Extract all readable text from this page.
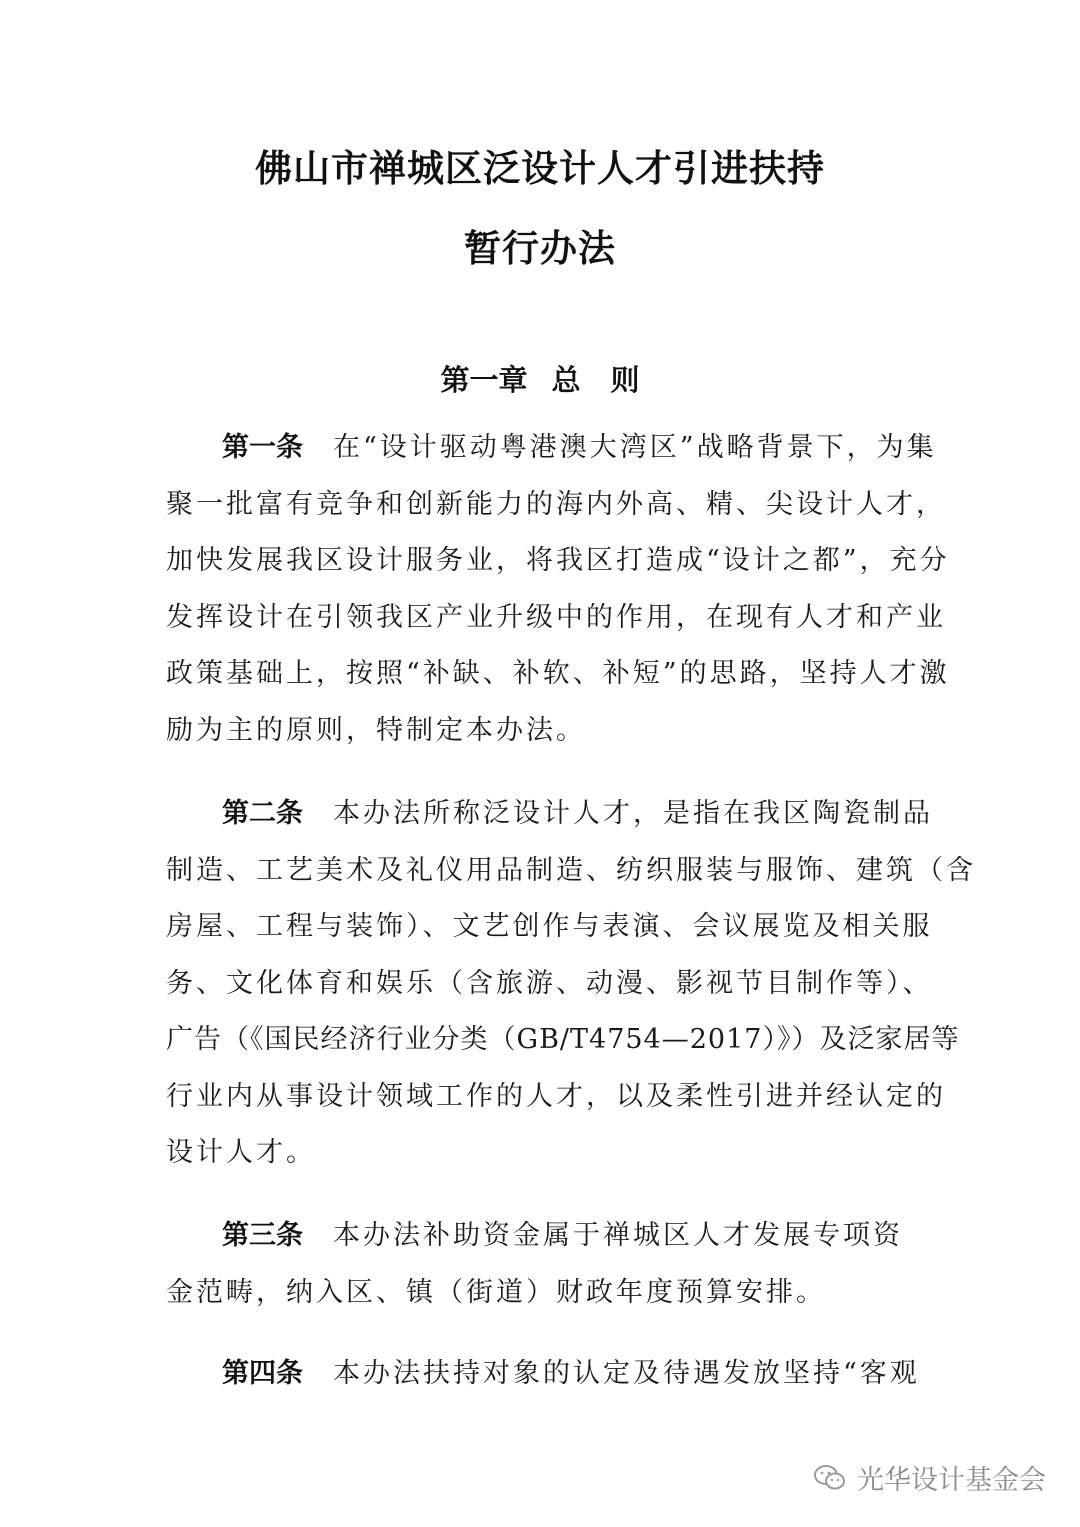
佛山市禅城区泛设计人才引进扶持
暂行办法
第一章 总 则
第一条 在“设计驱动粤港澳大湾区”战略背景下，为集
聚一批富有竞争和创新能力的海内外高、精、尖设计人才，
加快发展我区设计服务业，将我区打造成“设计之都”，充分
发挥设计在引领我区产业升级中的作用，在现有人才和产业
政策基础上，按照“补缺、补软、补短”的思路，坚持人才激
励为主的原则，特制定本办法。
第二条 本办法所称泛设计人才，是指在我区陶瓷制品
制造、工艺美术及礼仪用品制造、纺织服装与服饰、建筑（含
房屋、工程与装饰）、文艺创作与表演、会议展览及相关服
务、文化体育和娱乐（含旅游、动漫、影视节目制作等）、
广告（《国民经济行业分类（GB/T4754—2017）》）及泛家居等
行业内从事设计领域工作的人才，以及柔性引进并经认定的
设计人才。
第三条 本办法补助资金属于禅城区人才发展专项资
金范畴，纳入区、镇（街道）财政年度预算安排。
第四条 本办法扶持对象的认定及待遇发放坚持“客观
光华设计基金会
